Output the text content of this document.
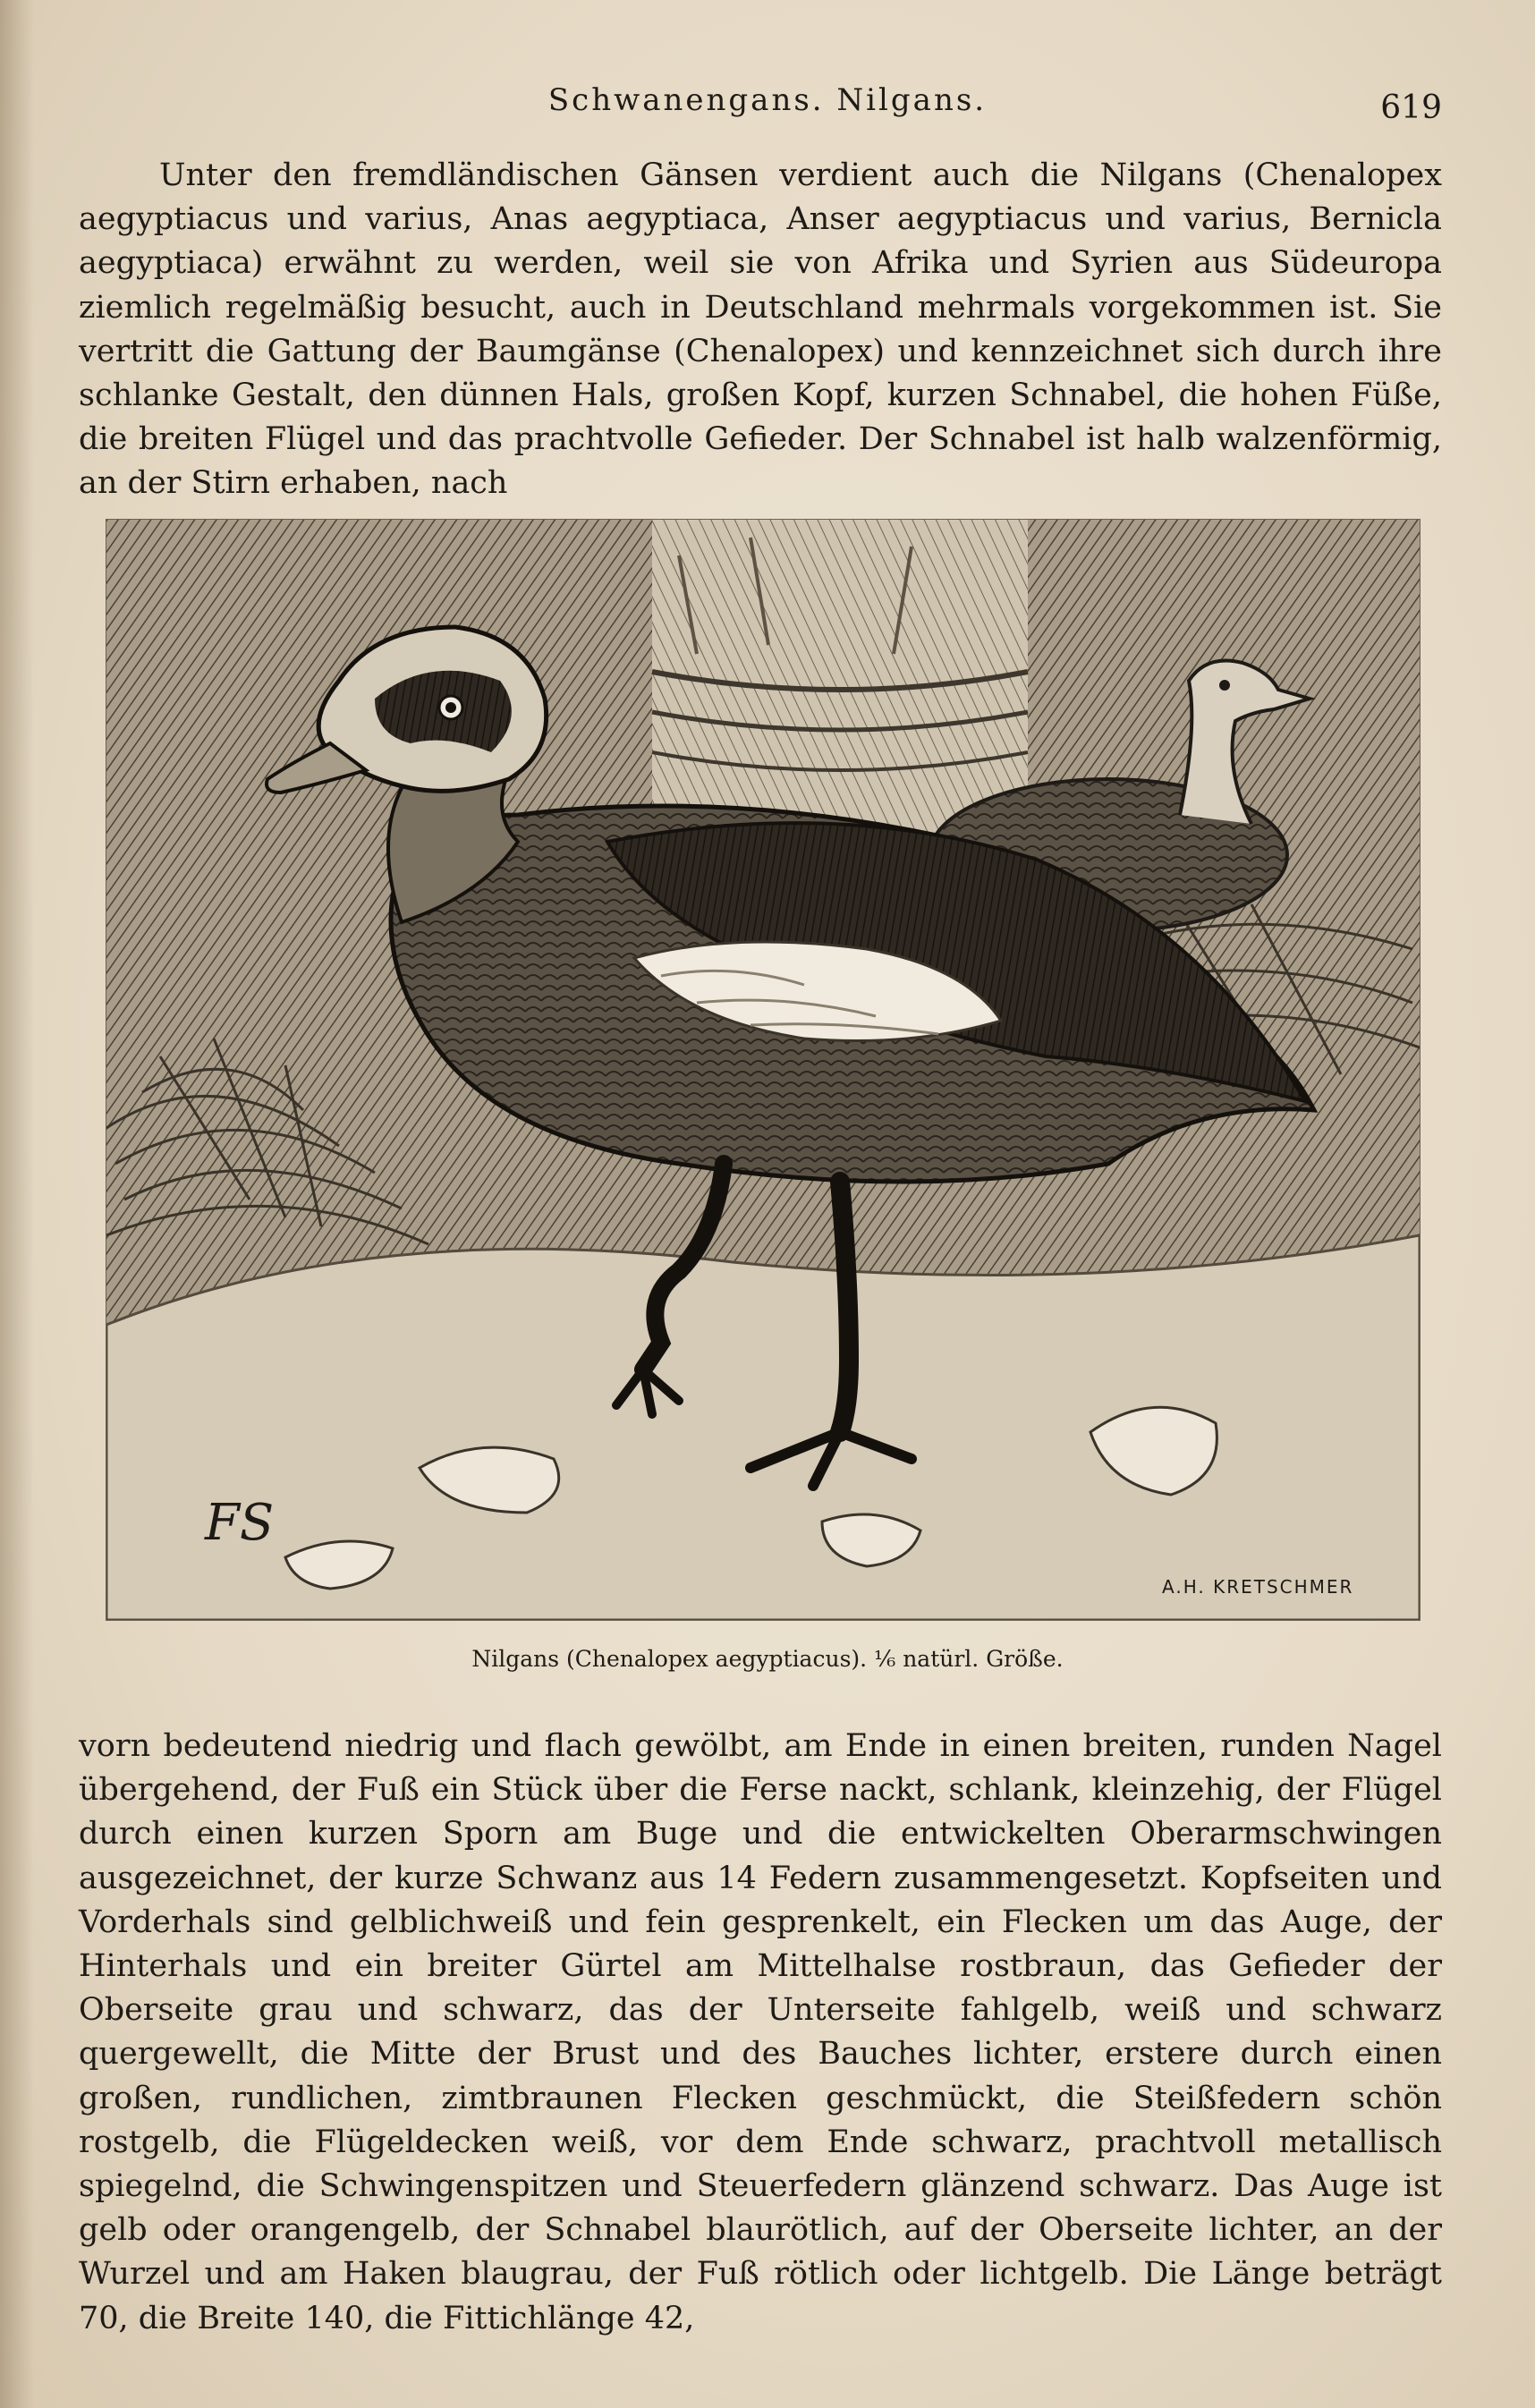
Schwanengans. Nilgans.	619
Unter den fremdländischen Gänsen verdient auch die Nilgans (Chenalopex aegyptiacus und varius, Anas aegyptiaca, Anser aegyptiacus und varius, Bernicla aegyptiaca) erwähnt zu werden, weil sie von Afrika und Syrien aus Südeuropa ziemlich regelmäßig besucht, auch in Deutschland mehrmals vorgekommen ist. Sie vertritt die Gattung der Baumgänse (Chenalopex) und kennzeichnet sich durch ihre schlanke Gestalt, den dünnen Hals, großen Kopf, kurzen Schnabel, die hohen Füße, die breiten Flügel und das prachtvolle Gefieder. Der Schnabel ist halb walzenförmig, an der Stirn erhaben, nach
FS
A.H. KRETSCHMER
Nilgans (Chenalopex aegyptiacus). ¹⁄₆ natürl. Größe.
vorn bedeutend niedrig und flach gewölbt, am Ende in einen breiten, runden Nagel übergehend, der Fuß ein Stück über die Ferse nackt, schlank, kleinzehig, der Flügel durch einen kurzen Sporn am Buge und die entwickelten Oberarmschwingen ausgezeichnet, der kurze Schwanz aus 14 Federn zusammengesetzt. Kopfseiten und Vorderhals sind gelblichweiß und fein gesprenkelt, ein Flecken um das Auge, der Hinterhals und ein breiter Gürtel am Mittelhalse rostbraun, das Gefieder der Oberseite grau und schwarz, das der Unterseite fahlgelb, weiß und schwarz quergewellt, die Mitte der Brust und des Bauches lichter, erstere durch einen großen, rundlichen, zimtbraunen Flecken geschmückt, die Steißfedern schön rostgelb, die Flügeldecken weiß, vor dem Ende schwarz, prachtvoll metallisch spiegelnd, die Schwingenspitzen und Steuerfedern glänzend schwarz. Das Auge ist gelb oder orangengelb, der Schnabel blaurötlich, auf der Oberseite lichter, an der Wurzel und am Haken blaugrau, der Fuß rötlich oder lichtgelb. Die Länge beträgt 70, die Breite 140, die Fittichlänge 42,
